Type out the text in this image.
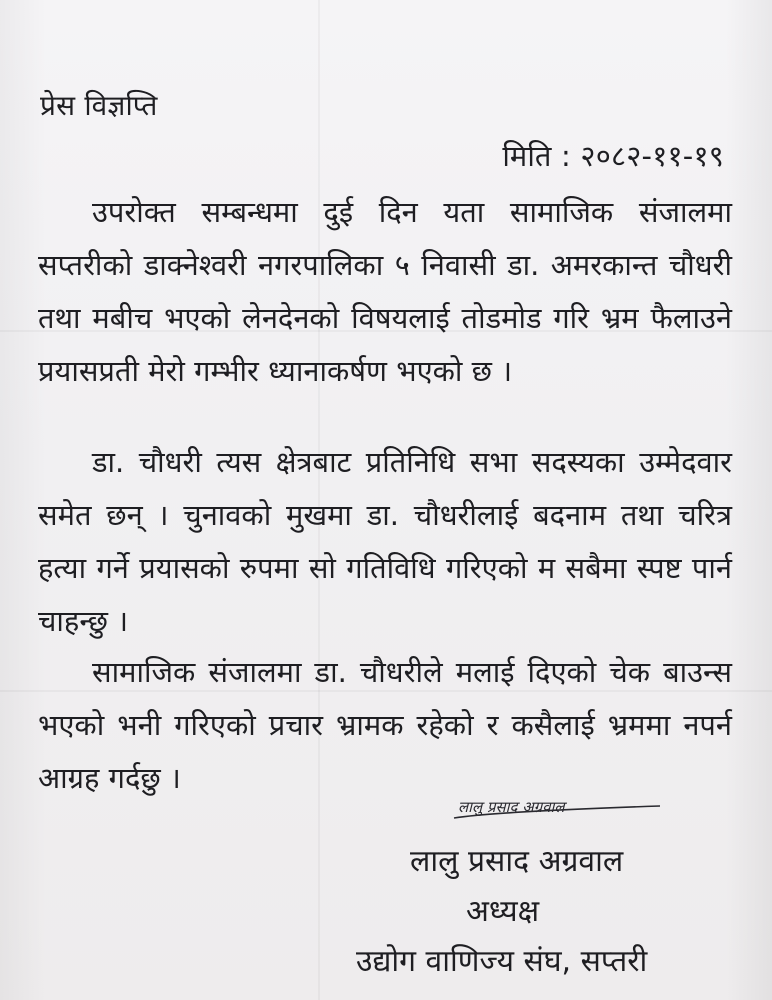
प्रेस विज्ञप्ति
मिति : २०८२-११-१९
उपरोक्त सम्बन्धमा दुई दिन यता सामाजिक संजालमा सप्तरीको डाक्नेश्वरी नगरपालिका ५ निवासी डा. अमरकान्त चौधरी तथा मबीच भएको लेनदेनको विषयलाई तोडमोड गरि भ्रम फैलाउने प्रयासप्रती मेरो गम्भीर ध्यानाकर्षण भएको छ ।
डा. चौधरी त्यस क्षेत्रबाट प्रतिनिधि सभा सदस्यका उम्मेदवार समेत छन् । चुनावको मुखमा डा. चौधरीलाई बदनाम तथा चरित्र हत्या गर्ने प्रयासको रुपमा सो गतिविधि गरिएको म सबैमा स्पष्ट पार्न चाहन्छु ।
सामाजिक संजालमा डा. चौधरीले मलाई दिएको चेक बाउन्स भएको भनी गरिएको प्रचार भ्रामक रहेको र कसैलाई भ्रममा नपर्न आग्रह गर्दछु ।
लालु प्रसाद अग्रवाल
लालु प्रसाद अग्रवाल
अध्यक्ष
उद्योग वाणिज्य संघ, सप्तरी
